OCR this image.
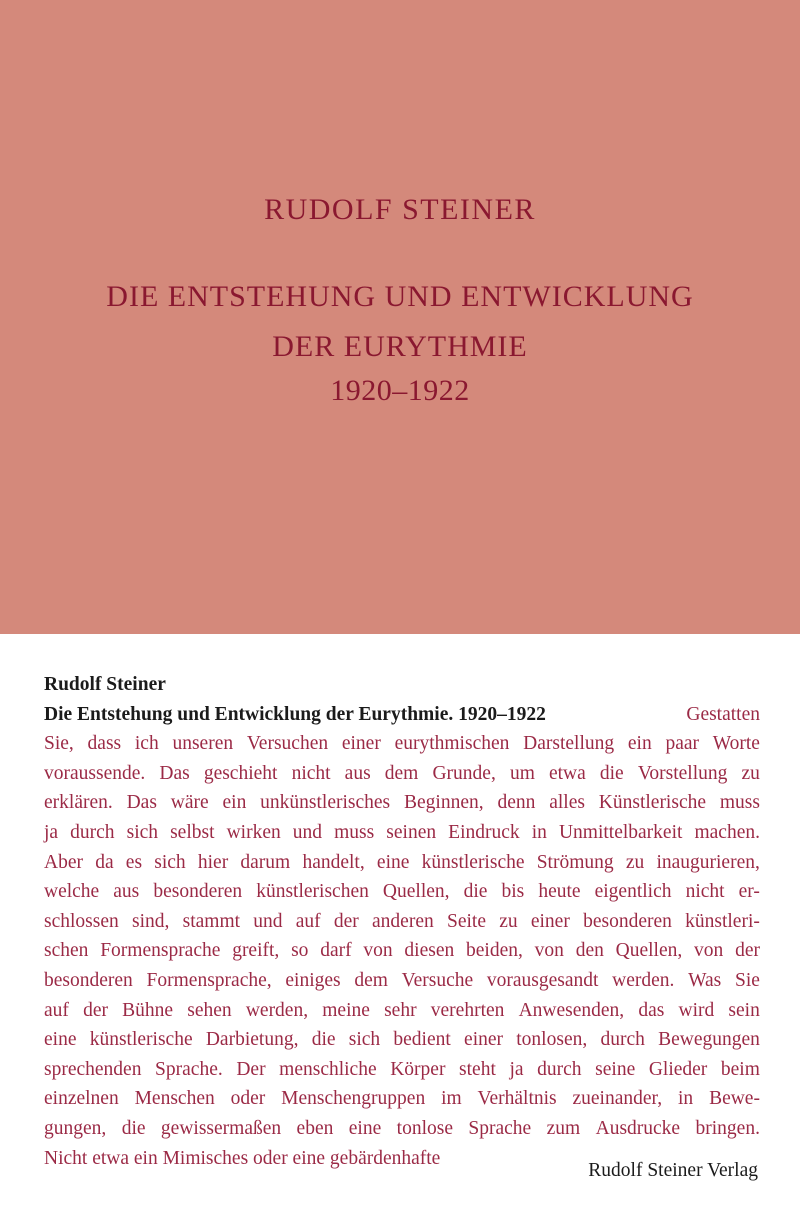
RUDOLF STEINER
DIE ENTSTEHUNG UND ENTWICKLUNG
DER EURYTHMIE
1920–1922
Rudolf Steiner
Die Entstehung und Entwicklung der Eurythmie. 1920–1922	Gestatten
Sie, dass ich unseren Versuchen einer eurythmischen Darstellung ein paar Worte
voraussende. Das geschieht nicht aus dem Grunde, um etwa die Vorstellung zu
erklären. Das wäre ein unkünstlerisches Beginnen, denn alles Künstlerische muss
ja durch sich selbst wirken und muss seinen Eindruck in Unmittelbarkeit machen.
Aber da es sich hier darum handelt, eine künstlerische Strömung zu inaugurieren,
welche aus besonderen künstlerischen Quellen, die bis heute eigentlich nicht er-
schlossen sind, stammt und auf der anderen Seite zu einer besonderen künstleri-
schen Formensprache greift, so darf von diesen beiden, von den Quellen, von der
besonderen Formensprache, einiges dem Versuche vorausgesandt werden. Was Sie
auf der Bühne sehen werden, meine sehr verehrten Anwesenden, das wird sein
eine künstlerische Darbietung, die sich bedient einer tonlosen, durch Bewegungen
sprechenden Sprache. Der menschliche Körper steht ja durch seine Glieder beim
einzelnen Menschen oder Menschengruppen im Verhältnis zueinander, in Bewe-
gungen, die gewissermaßen eben eine tonlose Sprache zum Ausdrucke bringen.
Nicht etwa ein Mimisches oder eine gebärdenhafte
Rudolf Steiner Verlag
